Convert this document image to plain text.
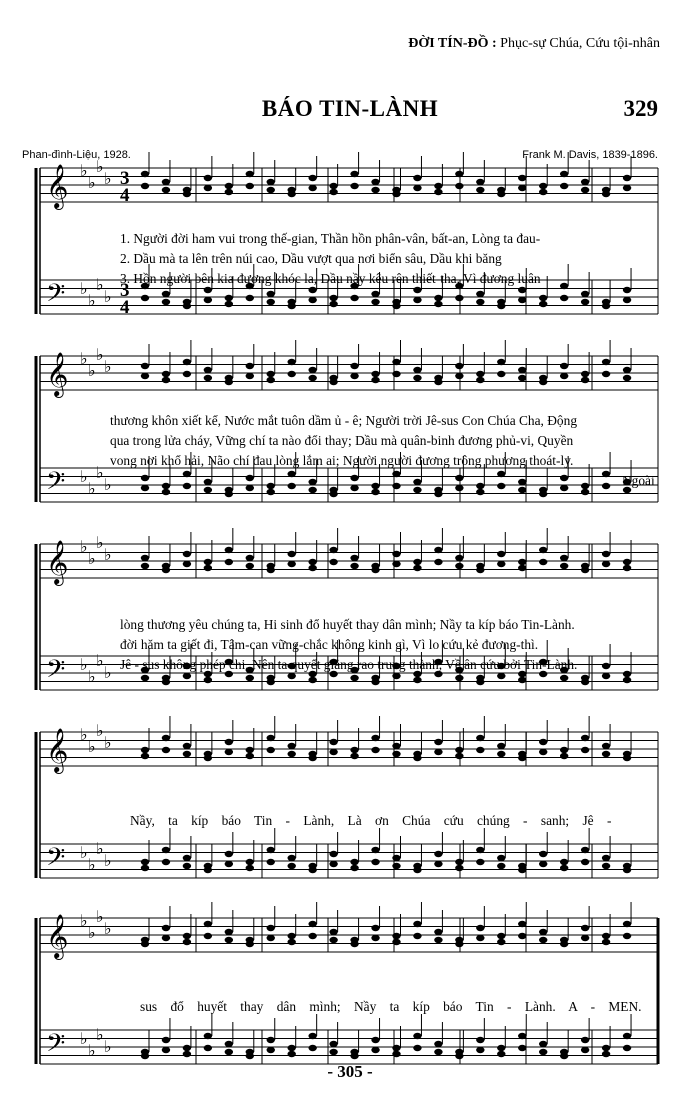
ĐỜI TÍN-ĐỒ : Phục-sự Chúa, Cứu tội-nhân
BÁO TIN-LÀNH	329
Phan-đình-Liệu, 1928.	Frank M. Davis, 1839-1896.
𝄞 ♭
♭
♭
♭ 3
4
𝄢 ♭
♭
♭
♭ 3
4
𝄞 ♭
♭
♭
♭
𝄢 ♭
♭
♭
♭
𝄞 ♭
♭
♭
♭
𝄢 ♭
♭
♭
♭
𝄞 ♭
♭
♭
♭
𝄢 ♭
♭
♭
♭
𝄞 ♭
♭
♭
♭
𝄢 ♭
♭
♭
♭
1. Người đời ham vui trong thế-gian, Thần hồn phân-vân, bất-an, Lòng ta đau-
2. Dầu mà ta lên trên núi cao, Dầu vượt qua nơi biển sâu, Dầu khi băng
3. Hồn người bên kia đương khóc la, Dầu nầy kêu rên thiết-tha, Vì đương luân
thương khôn xiết kể, Nước mắt tuôn dầm ủ - ê; Người trời Jê-sus Con Chúa Cha, Động
qua trong lửa cháy, Vững chí ta nào đổi thay; Dầu mà quân-binh đương phủ-vi, Quyền
vong nơi khổ hải, Não chí đau lòng lắm ai; Người người đương trông phương thoát-ly.
Ngoài
lòng thương yêu chúng ta, Hi sinh đổ huyết thay dân mình; Nầy ta kíp báo Tin-Lành.
đời hăm ta giết đi, Tâm-can vững-chắc không kinh gì, Vì lo cứu kẻ đương-thì.
Jê - sus không phép chi, Nên ta quyết giảng rao trung thành, Về ân cứu bởi Tin-Lành.
Nầy, ta kíp báo Tin - Lành, Là ơn Chúa cứu chúng - sanh; Jê -
sus đổ huyết thay dân mình; Nầy ta kíp báo Tin - Lành. A - MEN.
- 305 -
